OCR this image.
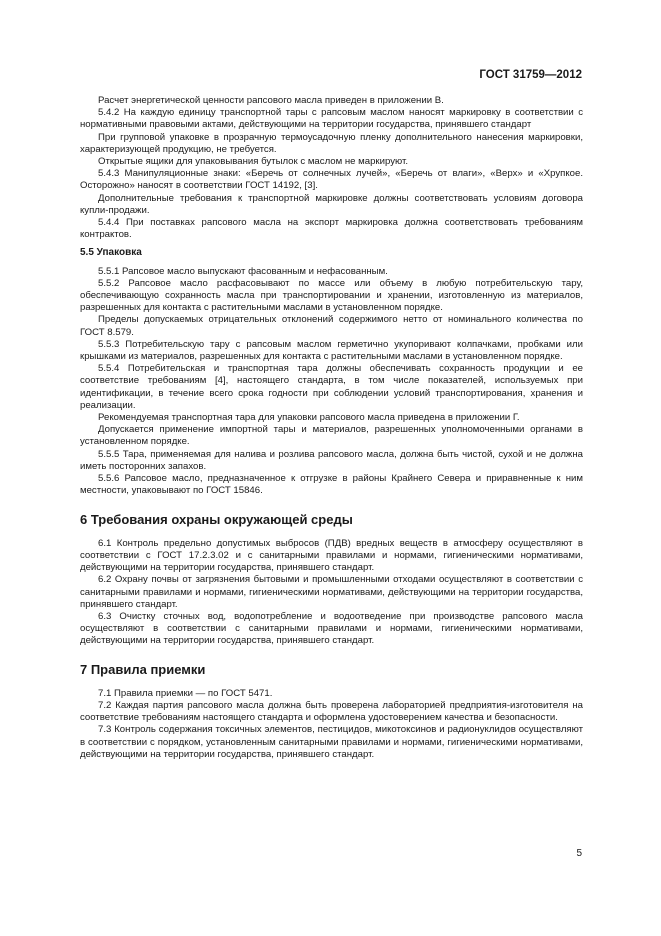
ГОСТ 31759—2012

Расчет энергетической ценности рапсового масла приведен в приложении В.

5.4.2 На каждую единицу транспортной тары с рапсовым маслом наносят маркировку в соответствии с нормативными правовыми актами, действующими на территории государства, принявшего стандарт

При групповой упаковке в прозрачную термоусадочную пленку дополнительного нанесения маркировки, характеризующей продукцию, не требуется.

Открытые ящики для упаковывания бутылок с маслом не маркируют.

5.4.3 Манипуляционные знаки: «Беречь от солнечных лучей», «Беречь от влаги», «Верх» и «Хрупкое. Осторожно» наносят в соответствии ГОСТ 14192, [3].

Дополнительные требования к транспортной маркировке должны соответствовать условиям договора купли-продажи.

5.4.4 При поставках рапсового масла на экспорт маркировка должна соответствовать требованиям контрактов.

5.5 Упаковка

5.5.1 Рапсовое масло выпускают фасованным и нефасованным.

5.5.2 Рапсовое масло расфасовывают по массе или объему в любую потребительскую тару, обеспечивающую сохранность масла при транспортировании и хранении, изготовленную из материалов, разрешенных для контакта с растительными маслами в установленном порядке.

Пределы допускаемых отрицательных отклонений содержимого нетто от номинального количества по ГОСТ 8.579.

5.5.3 Потребительскую тару с рапсовым маслом герметично укупоривают колпачками, пробками или крышками из материалов, разрешенных для контакта с растительными маслами в установленном порядке.

5.5.4 Потребительская и транспортная тара должны обеспечивать сохранность продукции и ее соответствие требованиям [4], настоящего стандарта, в том числе показателей, используемых при идентификации, в течение всего срока годности при соблюдении условий транспортирования, хранения и реализации.

Рекомендуемая транспортная тара для упаковки рапсового масла приведена в приложении Г.

Допускается применение импортной тары и материалов, разрешенных уполномоченными органами в установленном порядке.

5.5.5 Тара, применяемая для налива и розлива рапсового масла, должна быть чистой, сухой и не должна иметь посторонних запахов.

5.5.6 Рапсовое масло, предназначенное к отгрузке в районы Крайнего Севера и приравненные к ним местности, упаковывают по ГОСТ 15846.

6 Требования охраны окружающей среды

6.1 Контроль предельно допустимых выбросов (ПДВ) вредных веществ в атмосферу осуществляют в соответствии с ГОСТ 17.2.3.02 и с санитарными правилами и нормами, гигиеническими нормативами, действующими на территории государства, принявшего стандарт.

6.2 Охрану почвы от загрязнения бытовыми и промышленными отходами осуществляют в соответствии с санитарными правилами и нормами, гигиеническими нормативами, действующими на территории государства, принявшего стандарт.

6.3 Очистку сточных вод, водопотребление и водоотведение при производстве рапсового масла осуществляют в соответствии с санитарными правилами и нормами, гигиеническими нормативами, действующими на территории государства, принявшего стандарт.

7 Правила приемки

7.1 Правила приемки — по ГОСТ 5471.

7.2 Каждая партия рапсового масла должна быть проверена лабораторией предприятия-изготовителя на соответствие требованиям настоящего стандарта и оформлена удостоверением качества и безопасности.

7.3 Контроль содержания токсичных элементов, пестицидов, микотоксинов и радионуклидов осуществляют в соответствии с порядком, установленным санитарными правилами и нормами, гигиеническими нормативами, действующими на территории государства, принявшего стандарт.

5
